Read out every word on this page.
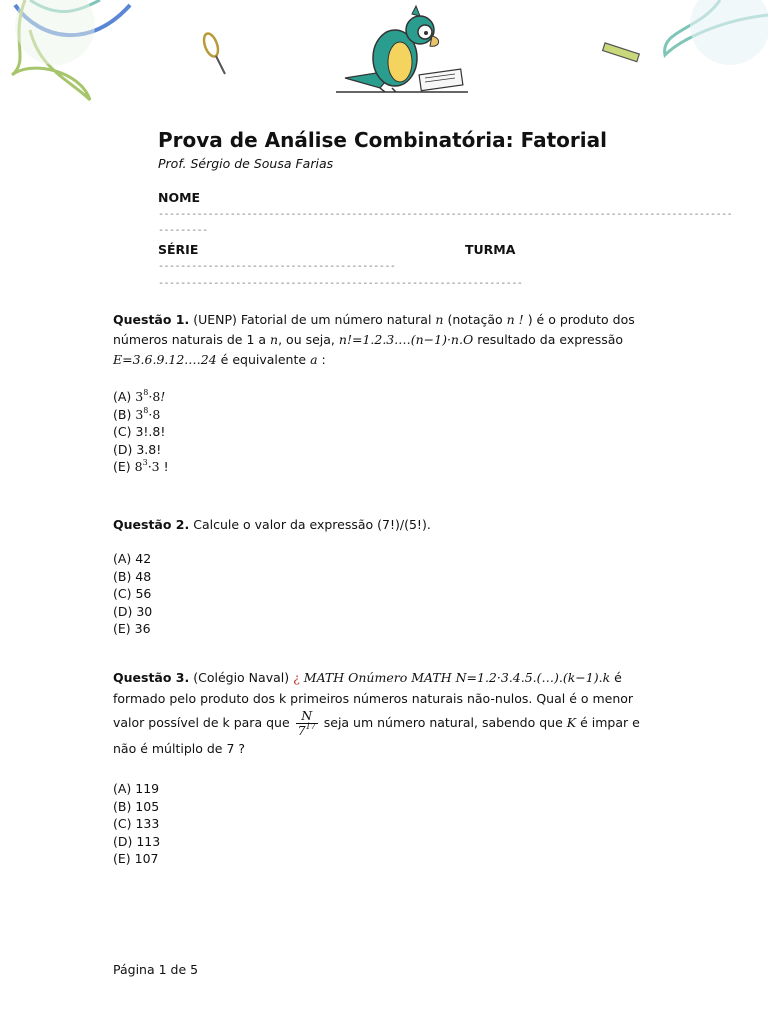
Prova de Análise Combinatória: Fatorial
Prof. Sérgio de Sousa Farias
NOME
--------------------------------------------------------------------------------------------------------
---------
SÉRIE	TURMA
-------------------------------------------
------------------------------------------------------------------
Questão 1. (UENP) Fatorial de um número natural n (notação n ! ) é o produto dos números naturais de 1 a n, ou seja, n!=1.2.3.…(n−1)·n.O resultado da expressão E=3.6.9.12.…24 é equivalente a :
(A) $3^8\cdot 8$!
(B) $3^8\cdot 8$
(C) 3!.8!
(D) 3.8!
(E) $8^3\cdot 3$ !
Questão 2. Calcule o valor da expressão (7!)/(5!).
(A) 42
(B) 48
(C) 56
(D) 30
(E) 36
Questão 3. (Colégio Naval) ¿ MATH Onúmero MATH N=1.2·3.4.5.(…).(k−1).k é formado pelo produto dos k primeiros números naturais não-nulos. Qual é o menor valor possível de k para que $\frac{N}{7^{17}}$ seja um número natural, sabendo que K é impar e não é múltiplo de 7 ?
(A) 119
(B) 105
(C) 133
(D) 113
(E) 107
Página 1 de 5
